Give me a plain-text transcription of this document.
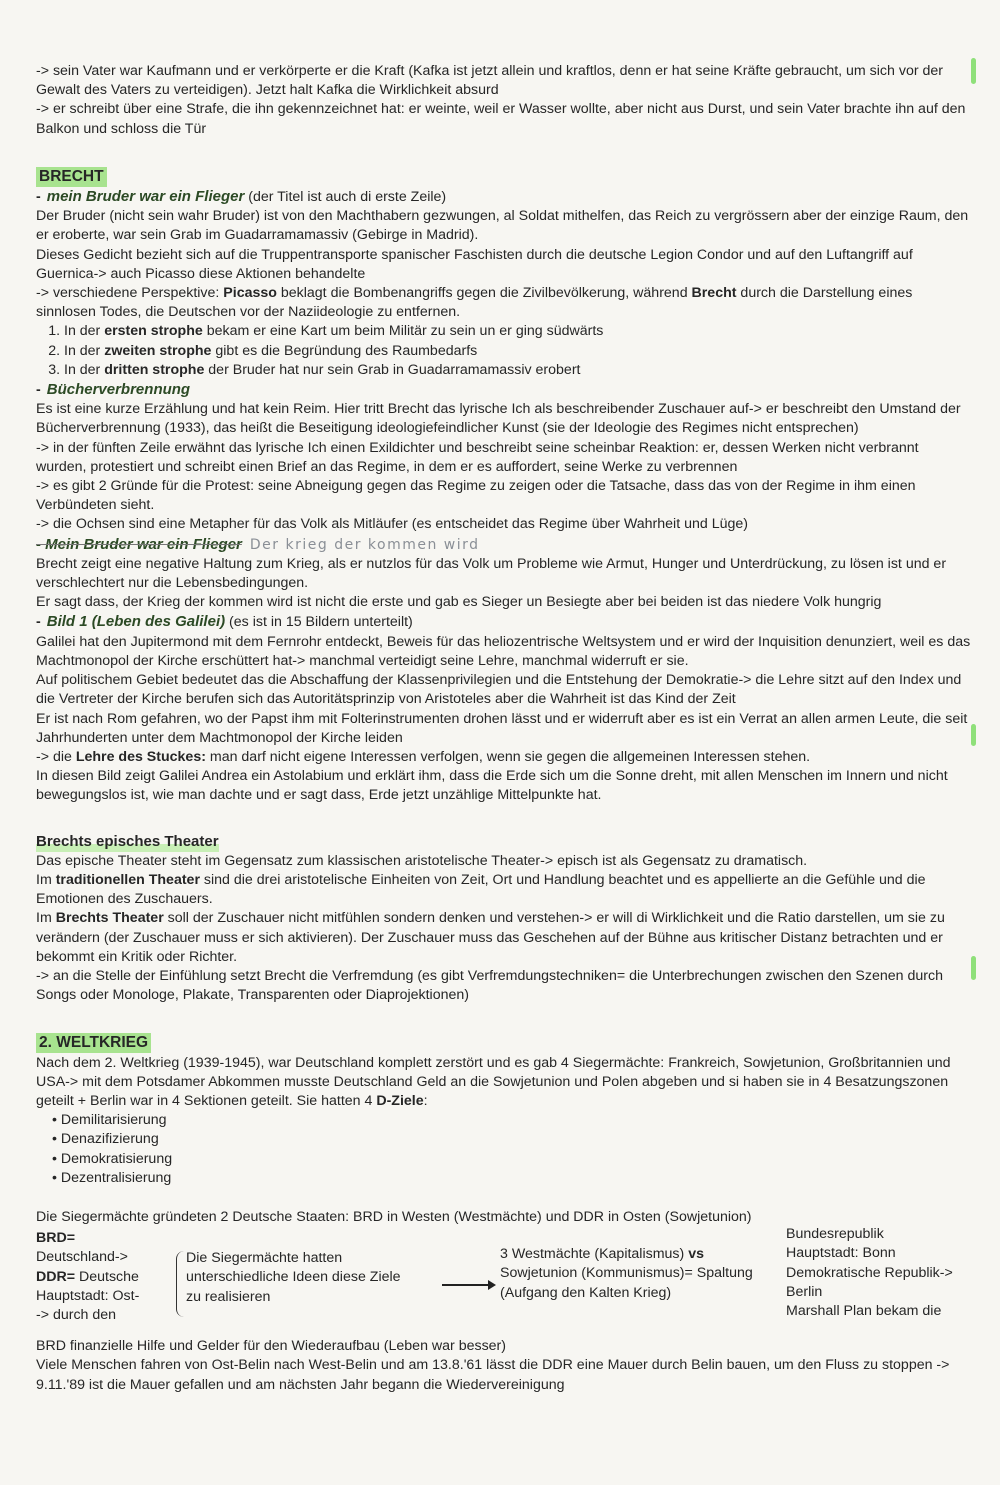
-> sein Vater war Kaufmann und er verkörperte er die Kraft (Kafka ist jetzt allein und kraftlos, denn er hat seine Kräfte gebraucht, um sich vor der Gewalt des Vaters zu verteidigen). Jetzt halt Kafka die Wirklichkeit absurd

-> er schreibt über eine Strafe, die ihn gekennzeichnet hat: er weinte, weil er Wasser wollte, aber nicht aus Durst, und sein Vater brachte ihn auf den Balkon und schloss die Tür

BRECHT

- mein Bruder war ein Flieger (der Titel ist auch di erste Zeile)

Der Bruder (nicht sein wahr Bruder) ist von den Machthabern gezwungen, al Soldat mithelfen, das Reich zu vergrössern aber der einzige Raum, den er eroberte, war sein Grab im Guadarramamassiv (Gebirge in Madrid).

Dieses Gedicht bezieht sich auf die Truppentransporte spanischer Faschisten durch die deutsche Legion Condor und auf den Luftangriff auf Guernica-> auch Picasso diese Aktionen behandelte

-> verschiedene Perspektive: Picasso beklagt die Bombenangriffs gegen die Zivilbevölkerung, während Brecht durch die Darstellung eines sinnlosen Todes, die Deutschen vor der Naziideologie zu entfernen.

1. In der ersten strophe bekam er eine Kart um beim Militär zu sein un er ging südwärts
2. In der zweiten strophe gibt es die Begründung des Raumbedarfs
3. In der dritten strophe der Bruder hat nur sein Grab in Guadarramamassiv erobert

- Bücherverbrennung

Es ist eine kurze Erzählung und hat kein Reim. Hier tritt Brecht das lyrische Ich als beschreibender Zuschauer auf-> er beschreibt den Umstand der Bücherverbrennung (1933), das heißt die Beseitigung ideologiefeindlicher Kunst (sie der Ideologie des Regimes nicht entsprechen)

-> in der fünften Zeile erwähnt das lyrische Ich einen Exildichter und beschreibt seine scheinbar Reaktion: er, dessen Werken nicht verbrannt wurden, protestiert und schreibt einen Brief an das Regime, in dem er es auffordert, seine Werke zu verbrennen

-> es gibt 2 Gründe für die Protest: seine Abneigung gegen das Regime zu zeigen oder die Tatsache, dass das von der Regime in ihm einen Verbündeten sieht.

-> die Ochsen sind eine Metapher für das Volk als Mitläufer (es entscheidet das Regime über Wahrheit und Lüge)

- Mein Bruder war ein Flieger Der krieg der kommen wird

Brecht zeigt eine negative Haltung zum Krieg, als er nutzlos für das Volk um Probleme wie Armut, Hunger und Unterdrückung, zu lösen ist und er verschlechtert nur die Lebensbedingungen.

Er sagt dass, der Krieg der kommen wird ist nicht die erste und gab es Sieger un Besiegte aber bei beiden ist das niedere Volk hungrig

- Bild 1 (Leben des Galilei) (es ist in 15 Bildern unterteilt)

Galilei hat den Jupitermond mit dem Fernrohr entdeckt, Beweis für das heliozentrische Weltsystem und er wird der Inquisition denunziert, weil es das Machtmonopol der Kirche erschüttert hat-> manchmal verteidigt seine Lehre, manchmal widerruft er sie.

Auf politischem Gebiet bedeutet das die Abschaffung der Klassenprivilegien und die Entstehung der Demokratie-> die Lehre sitzt auf den Index und die Vertreter der Kirche berufen sich das Autoritätsprinzip von Aristoteles aber die Wahrheit ist das Kind der Zeit

Er ist nach Rom gefahren, wo der Papst ihm mit Folterinstrumenten drohen lässt und er widerruft aber es ist ein Verrat an allen armen Leute, die seit Jahrhunderten unter dem Machtmonopol der Kirche leiden

-> die Lehre des Stuckes: man darf nicht eigene Interessen verfolgen, wenn sie gegen die allgemeinen Interessen stehen.

In diesen Bild zeigt Galilei Andrea ein Astolabium und erklärt ihm, dass die Erde sich um die Sonne dreht, mit allen Menschen im Innern und nicht bewegungslos ist, wie man dachte und er sagt dass, Erde jetzt unzählige Mittelpunkte hat.

Brechts episches Theater

Das epische Theater steht im Gegensatz zum klassischen aristotelische Theater-> episch ist als Gegensatz zu dramatisch.

Im traditionellen Theater sind die drei aristotelische Einheiten von Zeit, Ort und Handlung beachtet und es appellierte an die Gefühle und die Emotionen des Zuschauers.

Im Brechts Theater soll der Zuschauer nicht mitfühlen sondern denken und verstehen-> er will di Wirklichkeit und die Ratio darstellen, um sie zu verändern (der Zuschauer muss er sich aktivieren). Der Zuschauer muss das Geschehen auf der Bühne aus kritischer Distanz betrachten und er bekommt ein Kritik oder Richter.

-> an die Stelle der Einfühlung setzt Brecht die Verfremdung (es gibt Verfremdungstechniken= die Unterbrechungen zwischen den Szenen durch Songs oder Monologe, Plakate, Transparenten oder Diaprojektionen)

2. WELTKRIEG

Nach dem 2. Weltkrieg (1939-1945), war Deutschland komplett zerstört und es gab 4 Siegermächte: Frankreich, Sowjetunion, Großbritannien und USA-> mit dem Potsdamer Abkommen musste Deutschland Geld an die Sowjetunion und Polen abgeben und si haben sie in 4 Besatzungszonen geteilt + Berlin war in 4 Sektionen geteilt. Sie hatten 4 D-Ziele:

• Demilitarisierung
• Denazifizierung
• Demokratisierung
• Dezentralisierung

Die Siegermächte gründeten 2 Deutsche Staaten: BRD in Westen (Westmächte) und DDR in Osten (Sowjetunion)

BRD=
Deutschland->
DDR= Deutsche
Hauptstadt: Ost-
-> durch den
Die Siegermächte hatten
unterschiedliche Ideen diese Ziele
zu realisieren
3 Westmächte (Kapitalismus) vs
Sowjetunion (Kommunismus)= Spaltung
(Aufgang den Kalten Krieg)
Bundesrepublik
Hauptstadt: Bonn
Demokratische Republik->
Berlin
Marshall Plan bekam die

BRD finanzielle Hilfe und Gelder für den Wiederaufbau (Leben war besser)

Viele Menschen fahren von Ost-Belin nach West-Belin und am 13.8.'61 lässt die DDR eine Mauer durch Belin bauen, um den Fluss zu stoppen -> 9.11.'89 ist die Mauer gefallen und am nächsten Jahr begann die Wiedervereinigung
